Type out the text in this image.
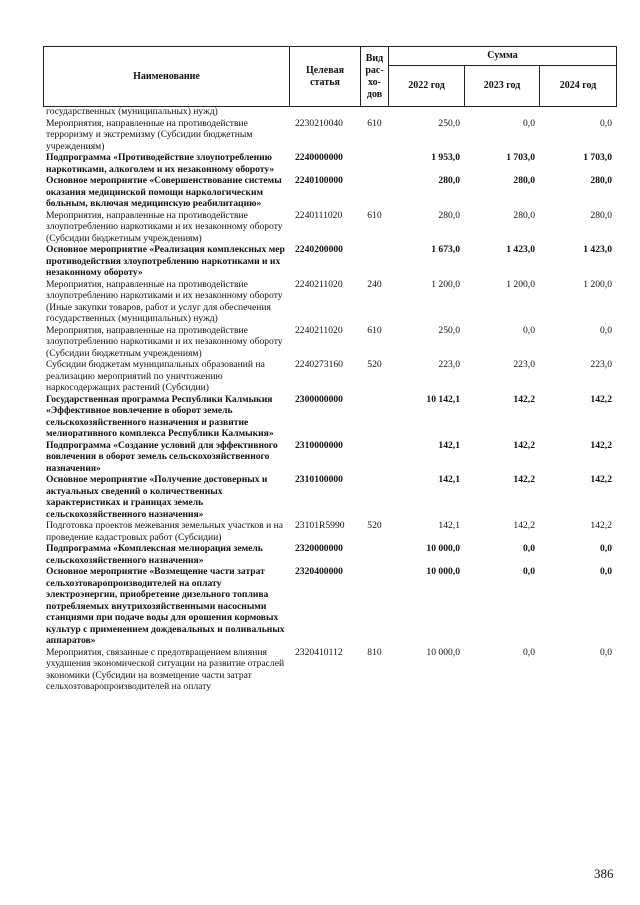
Наименование	Целевая статья	Вид рас-хо-дов	Сумма		
			2022 год	2023 год	2024 год
государственных (муниципальных) нужд)					
Мероприятия, направленные на противодействие терроризму и экстремизму (Субсидии бюджетным учреждениям)	2230210040	610	250,0	0,0	0,0
Подпрограмма «Противодействие злоупотреблению наркотиками, алкоголем и их незаконному обороту»	2240000000		1 953,0	1 703,0	1 703,0
Основное мероприятие «Совершенствование системы оказания медицинской помощи наркологическим больным, включая медицинскую реабилитацию»	2240100000		280,0	280,0	280,0
Мероприятия, направленные на противодействие злоупотреблению наркотиками и их незаконному обороту (Субсидии бюджетным учреждениям)	2240111020	610	280,0	280,0	280,0
Основное мероприятие «Реализация комплексных мер противодействия злоупотреблению наркотиками и их незаконному обороту»	2240200000		1 673,0	1 423,0	1 423,0
Мероприятия, направленные на противодействие злоупотреблению наркотиками и их незаконному обороту (Иные закупки товаров, работ и услуг для обеспечения государственных (муниципальных) нужд)	2240211020	240	1 200,0	1 200,0	1 200,0
Мероприятия, направленные на противодействие злоупотреблению наркотиками и их незаконному обороту (Субсидии бюджетным учреждениям)	2240211020	610	250,0	0,0	0,0
Субсидии бюджетам муниципальных образований на реализацию мероприятий по уничтожению наркосодержащих растений (Субсидии)	2240273160	520	223,0	223,0	223,0
Государственная программа Республики Калмыкия «Эффективное вовлечение в оборот земель сельскохозяйственного назначения и развитие мелиоративного комплекса Республики Калмыкия»	2300000000		10 142,1	142,2	142,2
Подпрограмма «Создание условий для эффективного вовлечения в оборот земель сельскохозяйственного назначения»	2310000000		142,1	142,2	142,2
Основное мероприятие «Получение достоверных и актуальных сведений о количественных характеристиках и границах земель сельскохозяйственного назначения»	2310100000		142,1	142,2	142,2
Подготовка проектов межевания земельных участков и на проведение кадастровых работ (Субсидии)	23101R5990	520	142,1	142,2	142,2
Подпрограмма «Комплексная мелиорация земель сельскохозяйственного назначения»	2320000000		10 000,0	0,0	0,0
Основное мероприятие «Возмещение части затрат сельхозтоваропроизводителей на оплату электроэнергии, приобретение дизельного топлива потребляемых внутрихозяйственными насосными станциями при подаче воды для орошения кормовых культур с применением дождевальных и поливальных аппаратов»	2320400000		10 000,0	0,0	0,0
Мероприятия, связанные с предотвращением влияния ухудшения экономической ситуации на развитие отраслей экономики (Субсидии на возмещение части затрат сельхозтоваропроизводителей на оплату	2320410112	810	10 000,0	0,0	0,0
386
